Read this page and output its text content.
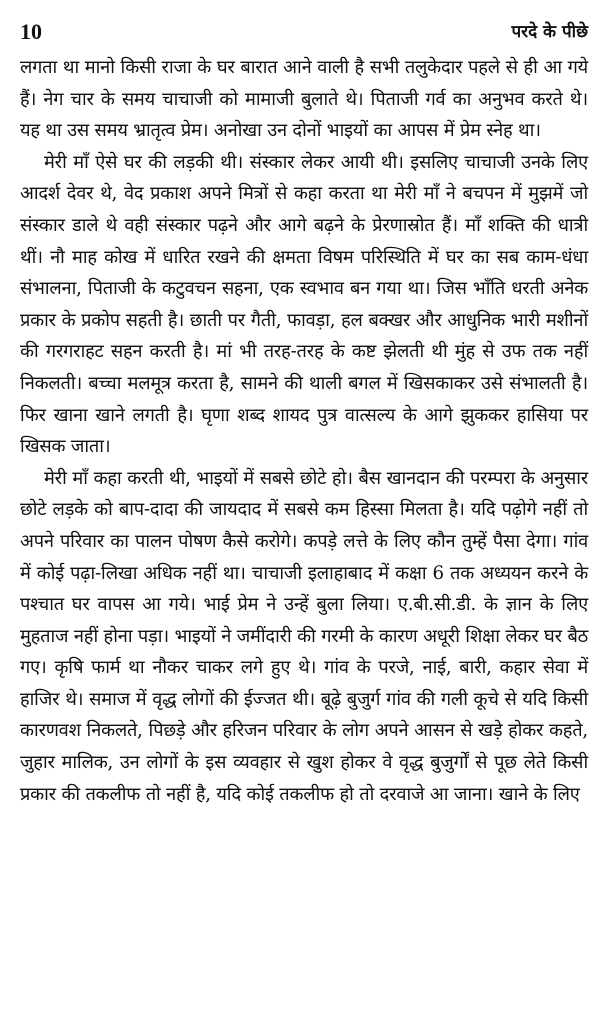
10	परदे के पीछे

लगता था मानो किसी राजा के घर बारात आने वाली है सभी तलुकेदार पहले से ही आ गये हैं। नेग चार के समय चाचाजी को मामाजी बुलाते थे। पिताजी गर्व का अनुभव करते थे। यह था उस समय भ्रातृत्व प्रेम। अनोखा उन दोनों भाइयों का आपस में प्रेम स्नेह था।

मेरी माँ ऐसे घर की लड़की थी। संस्कार लेकर आयी थी। इसलिए चाचाजी उनके लिए आदर्श देवर थे, वेद प्रकाश अपने मित्रों से कहा करता था मेरी माँ ने बचपन में मुझमें जो संस्कार डाले थे वही संस्कार पढ़ने और आगे बढ़ने के प्रेरणास्रोत हैं। माँ शक्ति की धात्री थीं। नौ माह कोख में धारित रखने की क्षमता विषम परिस्थिति में घर का सब काम-धंधा संभालना, पिताजी के कटुवचन सहना, एक स्वभाव बन गया था। जिस भाँति धरती अनेक प्रकार के प्रकोप सहती है। छाती पर गैती, फावड़ा, हल बक्खर और आधुनिक भारी मशीनों की गरगराहट सहन करती है। मां भी तरह-तरह के कष्ट झेलती थी मुंह से उफ तक नहीं निकलती। बच्चा मलमूत्र करता है, सामने की थाली बगल में खिसकाकर उसे संभालती है। फिर खाना खाने लगती है। घृणा शब्द शायद पुत्र वात्सल्य के आगे झुककर हासिया पर खिसक जाता।

मेरी माँ कहा करती थी, भाइयों में सबसे छोटे हो। बैस खानदान की परम्परा के अनुसार छोटे लड़के को बाप-दादा की जायदाद में सबसे कम हिस्सा मिलता है। यदि पढ़ोगे नहीं तो अपने परिवार का पालन पोषण कैसे करोगे। कपड़े लत्ते के लिए कौन तुम्हें पैसा देगा। गांव में कोई पढ़ा-लिखा अधिक नहीं था। चाचाजी इलाहाबाद में कक्षा 6 तक अध्ययन करने के पश्चात घर वापस आ गये। भाई प्रेम ने उन्हें बुला लिया। ए.बी.सी.डी. के ज्ञान के लिए मुहताज नहीं होना पड़ा। भाइयों ने जमींदारी की गरमी के कारण अधूरी शिक्षा लेकर घर बैठ गए। कृषि फार्म था नौकर चाकर लगे हुए थे। गांव के परजे, नाई, बारी, कहार सेवा में हाजिर थे। समाज में वृद्ध लोगों की ईज्जत थी। बूढ़े बुजुर्ग गांव की गली कूचे से यदि किसी कारणवश निकलते, पिछड़े और हरिजन परिवार के लोग अपने आसन से खड़े होकर कहते, जुहार मालिक, उन लोगों के इस व्यवहार से खुश होकर वे वृद्ध बुजुर्गों से पूछ लेते किसी प्रकार की तकलीफ तो नहीं है, यदि कोई तकलीफ हो तो दरवाजे आ जाना। खाने के लिए
